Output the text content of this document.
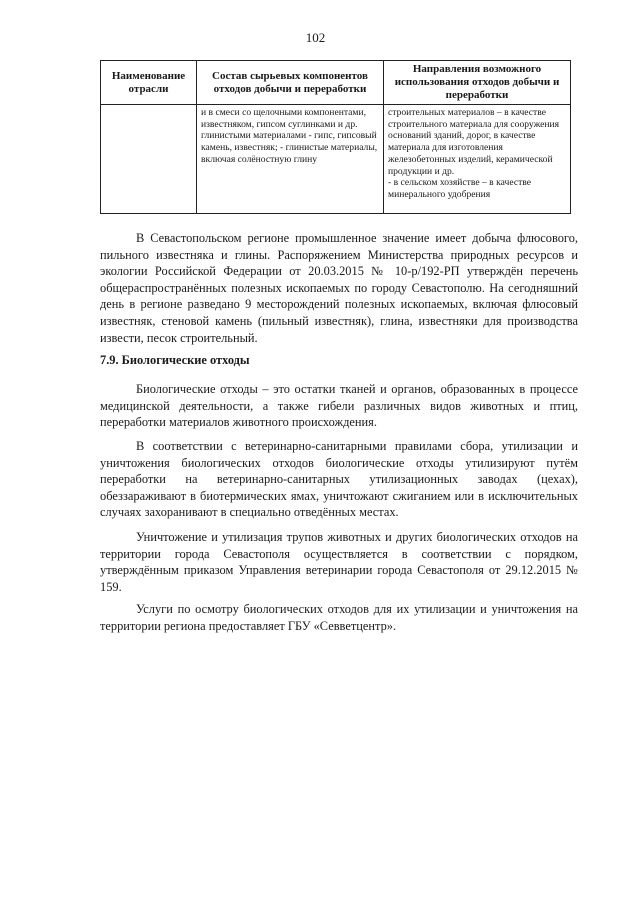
102
Наименование отрасли	Состав сырьевых компонентов отходов добычи и переработки	Направления возможного использования отходов добычи и переработки
	и в смеси со щелочными компонентами, известняком, гипсом суглинками и др. глинистыми материалами - гипс, гипсовый камень, известняк; - глинистые материалы, включая солёностную глину	строительных материалов – в качестве строительного материала для сооружения оснований зданий, дорог, в качестве материала для изготовления железобетонных изделий, керамической продукции и др.
- в сельском хозяйстве – в качестве минерального удобрения

В Севастопольском регионе промышленное значение имеет добыча флюсового, пильного известняка и глины. Распоряжением Министерства природных ресурсов и экологии Российской Федерации от 20.03.2015 № 10-р/192-РП утверждён перечень общераспространённых полезных ископаемых по городу Севастополю. На сегодняшний день в регионе разведано 9 месторождений полезных ископаемых, включая флюсовый известняк, стеновой камень (пильный известняк), глина, известняки для производства извести, песок строительный.

7.9. Биологические отходы

Биологические отходы – это остатки тканей и органов, образованных в процессе медицинской деятельности, а также гибели различных видов животных и птиц, переработки материалов животного происхождения.

В соответствии с ветеринарно-санитарными правилами сбора, утилизации и уничтожения биологических отходов биологические отходы утилизируют путём переработки на ветеринарно-санитарных утилизационных заводах (цехах), обеззараживают в биотермических ямах, уничтожают сжиганием или в исключительных случаях захоранивают в специально отведённых местах.

Уничтожение и утилизация трупов животных и других биологических отходов на территории города Севастополя осуществляется в соответствии с порядком, утверждённым приказом Управления ветеринарии города Севастополя от 29.12.2015 № 159.

Услуги по осмотру биологических отходов для их утилизации и уничтожения на территории региона предоставляет ГБУ «Севветцентр».
